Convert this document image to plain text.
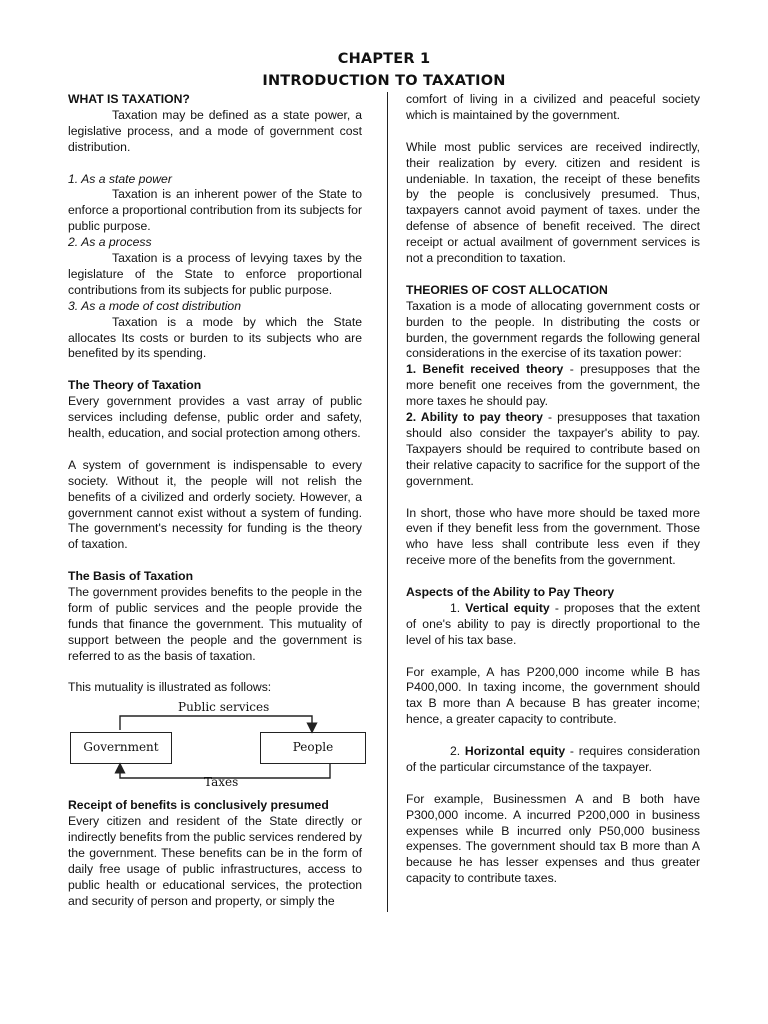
CHAPTER 1

INTRODUCTION TO TAXATION

WHAT IS TAXATION?

Taxation may be defined as a state power, a legislative process, and a mode of government cost distribution.

1. As a state power

Taxation is an inherent power of the State to enforce a proportional contribution from its subjects for public purpose.

2. As a process

Taxation is a process of levying taxes by the legislature of the State to enforce proportional contributions from its subjects for public purpose.

3. As a mode of cost distribution

Taxation is a mode by which the State allocates Its costs or burden to its subjects who are benefited by its spending.

The Theory of Taxation

Every government provides a vast array of public services including defense, public order and safety, health, education, and social protection among others.

A system of government is indispensable to every society. Without it, the people will not relish the benefits of a civilized and orderly society. However, a government cannot exist without a system of funding. The government's necessity for funding is the theory of taxation.

The Basis of Taxation

The government provides benefits to the people in the form of public services and the people provide the funds that finance the government. This mutuality of support between the people and the government is referred to as the basis of taxation.

This mutuality is illustrated as follows:

Public services
Government	People
Taxes

Receipt of benefits is conclusively presumed

Every citizen and resident of the State directly or indirectly benefits from the public services rendered by the government. These benefits can be in the form of daily free usage of public infrastructures, access to public health or educational services, the protection and security of person and property, or simply the

comfort of living in a civilized and peaceful society which is maintained by the government.

While most public services are received indirectly, their realization by every. citizen and resident is undeniable. In taxation, the receipt of these benefits by the people is conclusively presumed. Thus, taxpayers cannot avoid payment of taxes. under the defense of absence of benefit received. The direct receipt or actual availment of government services is not a precondition to taxation.

THEORIES OF COST ALLOCATION

Taxation is a mode of allocating government costs or burden to the people. In distributing the costs or burden, the government regards the following general considerations in the exercise of its taxation power:

1. Benefit received theory - presupposes that the more benefit one receives from the government, the more taxes he should pay.

2. Ability to pay theory - presupposes that taxation should also consider the taxpayer's ability to pay. Taxpayers should be required to contribute based on their relative capacity to sacrifice for the support of the government.

In short, those who have more should be taxed more even if they benefit less from the government. Those who have less shall contribute less even if they receive more of the benefits from the government.

Aspects of the Ability to Pay Theory

1. Vertical equity - proposes that the extent of one's ability to pay is directly proportional to the level of his tax base.

For example, A has P200,000 income while B has P400,000. In taxing income, the government should tax B more than A because B has greater income; hence, a greater capacity to contribute.

2. Horizontal equity - requires consideration of the particular circumstance of the taxpayer.

For example, Businessmen A and B both have P300,000 income. A incurred P200,000 in business expenses while B incurred only P50,000 business expenses. The government should tax B more than A because he has lesser expenses and thus greater capacity to contribute taxes.
